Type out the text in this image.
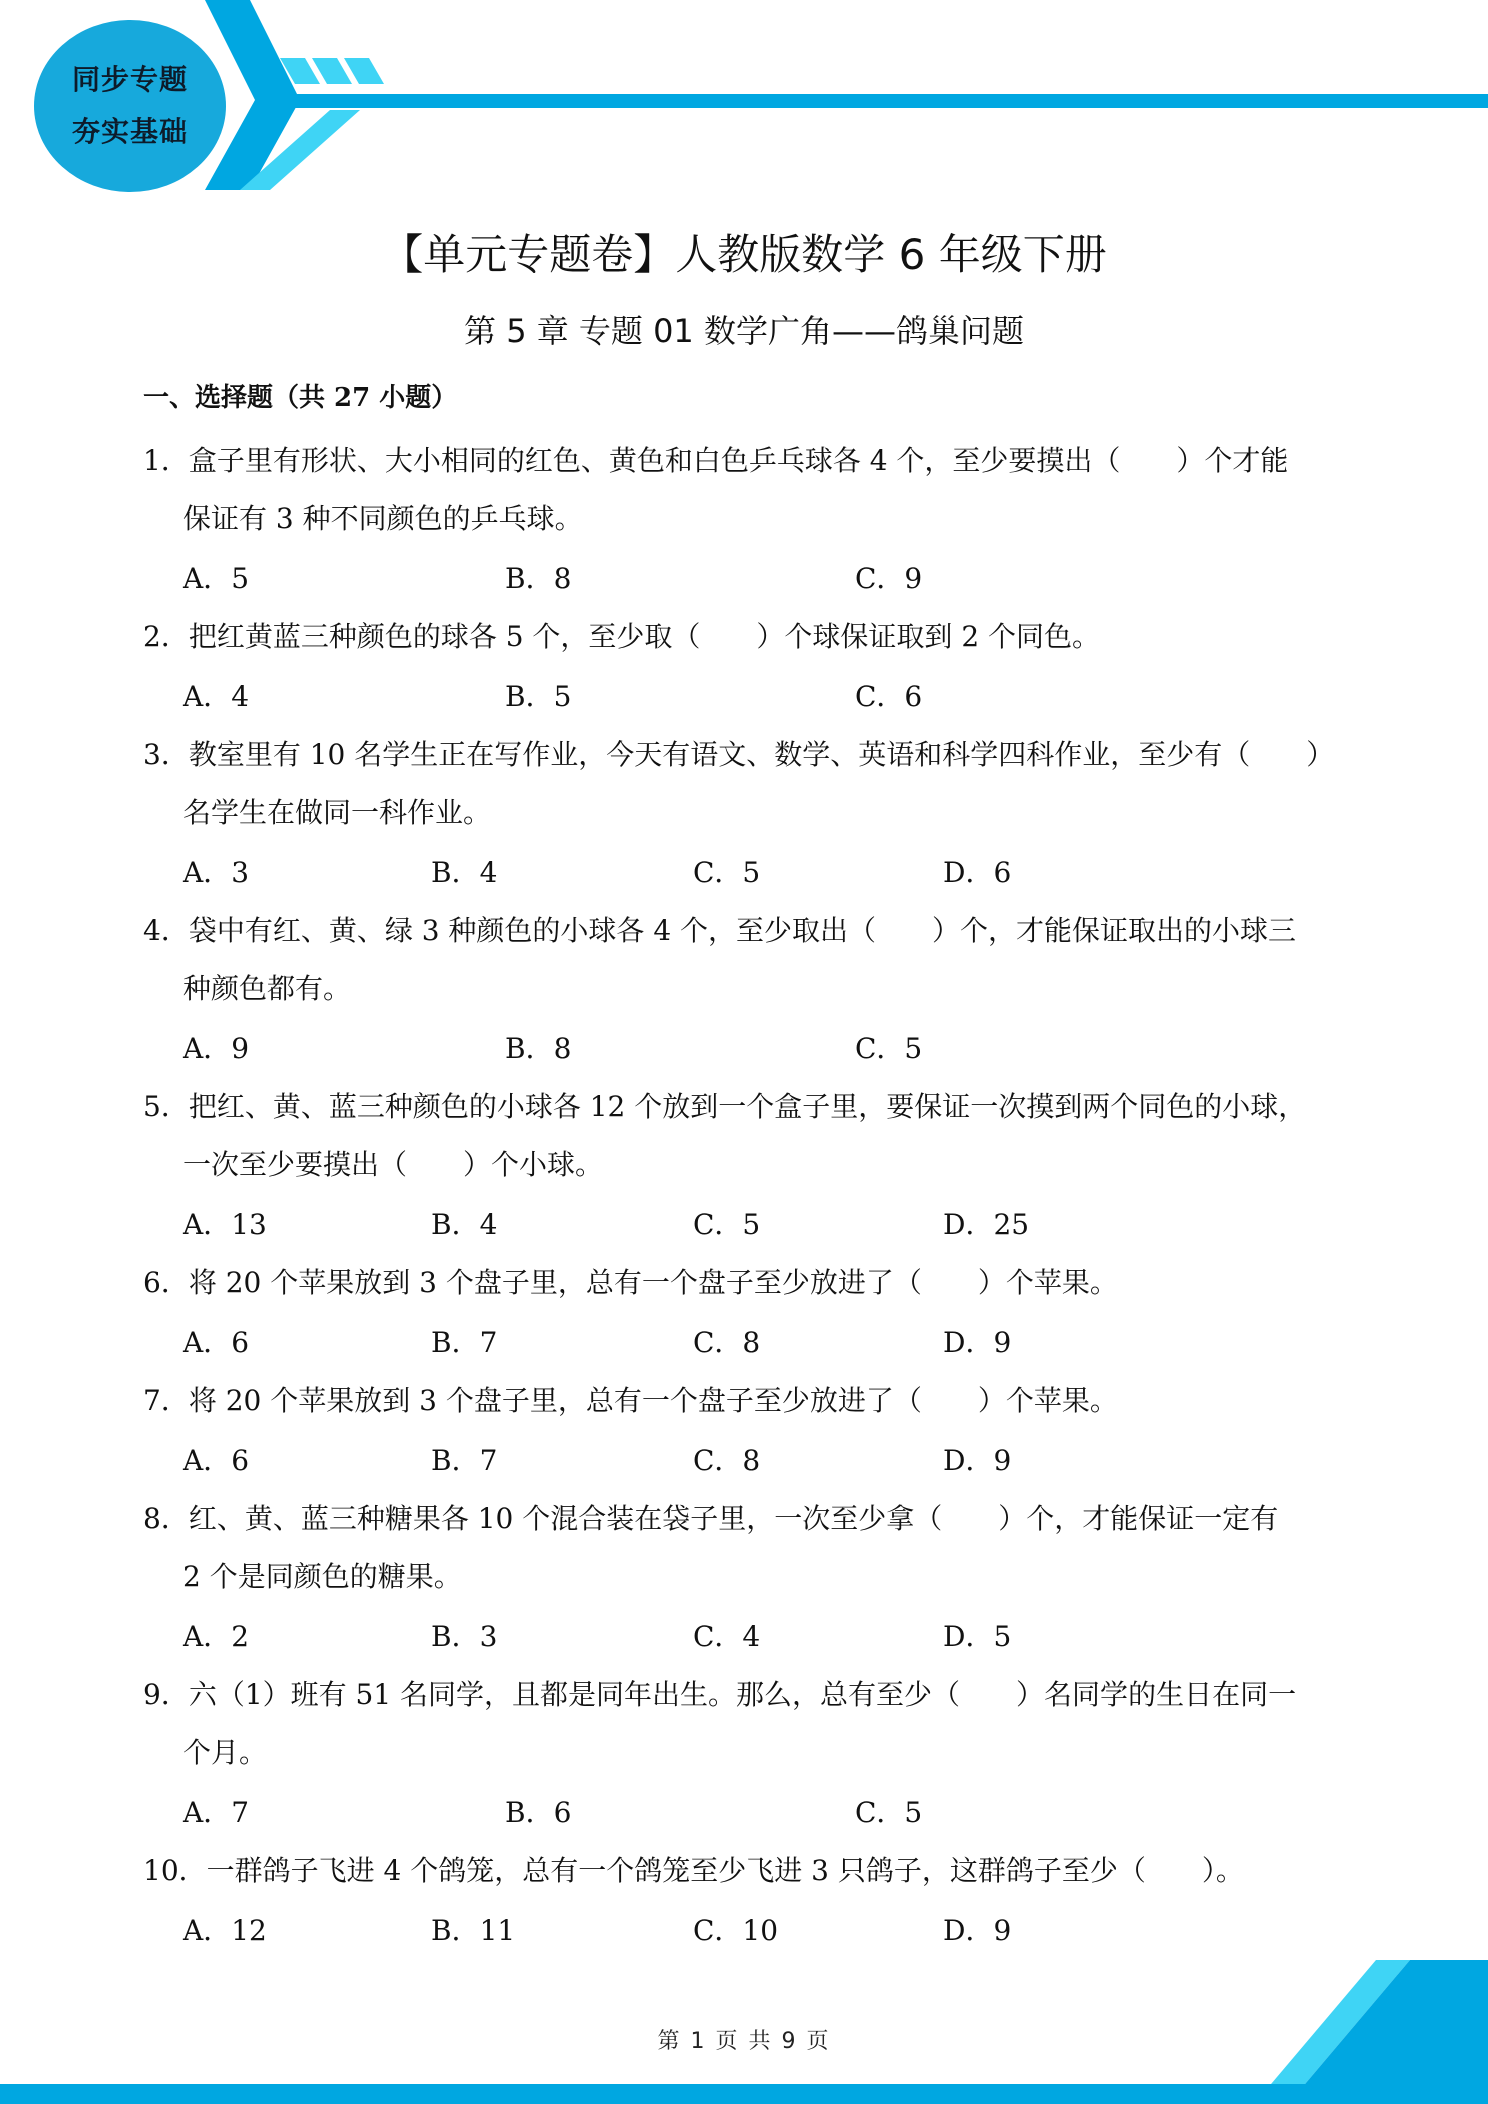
同步专题
夯实基础
【单元专题卷】人教版数学 6 年级下册
第 5 章 专题 01 数学广角——鸽巢问题
一、选择题（共 27 小题）
1．盒子里有形状、大小相同的红色、黄色和白色乒乓球各 4 个，至少要摸出（　　）个才能
保证有 3 种不同颜色的乒乓球。
A．5	B．8	C．9
2．把红黄蓝三种颜色的球各 5 个，至少取（　　）个球保证取到 2 个同色。
A．4	B．5	C．6
3．教室里有 10 名学生正在写作业，今天有语文、数学、英语和科学四科作业，至少有（　　）
名学生在做同一科作业。
A．3	B．4	C．5	D．6
4．袋中有红、黄、绿 3 种颜色的小球各 4 个，至少取出（　　）个，才能保证取出的小球三
种颜色都有。
A．9	B．8	C．5
5．把红、黄、蓝三种颜色的小球各 12 个放到一个盒子里，要保证一次摸到两个同色的小球，
一次至少要摸出（　　）个小球。
A．13	B．4	C．5	D．25
6．将 20 个苹果放到 3 个盘子里，总有一个盘子至少放进了（　　）个苹果。
A．6	B．7	C．8	D．9
7．将 20 个苹果放到 3 个盘子里，总有一个盘子至少放进了（　　）个苹果。
A．6	B．7	C．8	D．9
8．红、黄、蓝三种糖果各 10 个混合装在袋子里，一次至少拿（　　）个，才能保证一定有
2 个是同颜色的糖果。
A．2	B．3	C．4	D．5
9．六（1）班有 51 名同学，且都是同年出生。那么，总有至少（　　）名同学的生日在同一
个月。
A．7	B．6	C．5
10．一群鸽子飞进 4 个鸽笼，总有一个鸽笼至少飞进 3 只鸽子，这群鸽子至少（　　）。
A．12	B．11	C．10	D．9
第 1 页 共 9 页
